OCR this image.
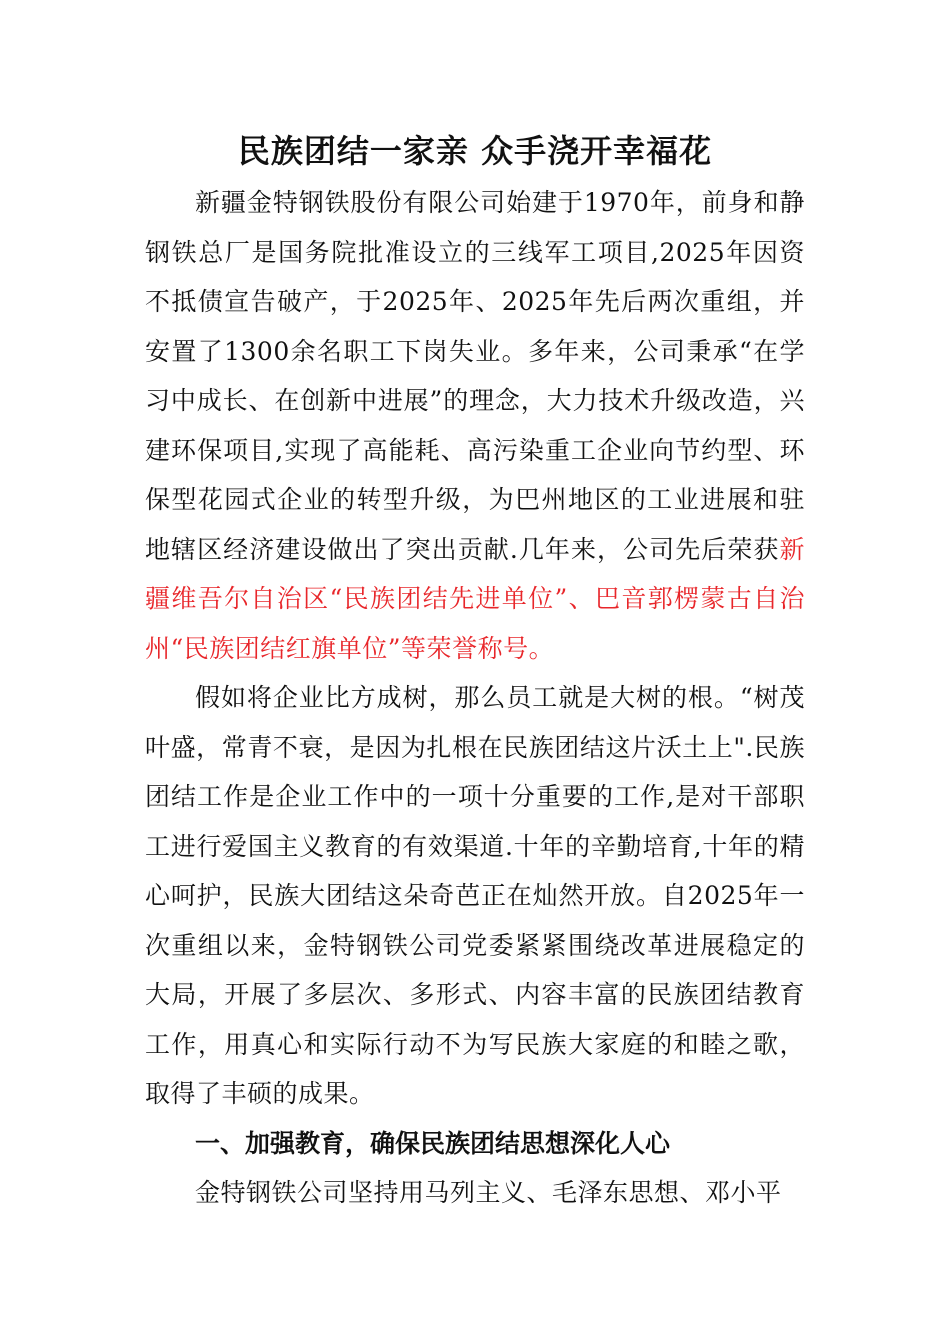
民族团结一家亲 众手浇开幸福花

新疆金特钢铁股份有限公司始建于1970年，前身和静钢铁总厂是国务院批准设立的三线军工项目,2025年因资不抵债宣告破产，于2025年、2025年先后两次重组，并安置了1300余名职工下岗失业。多年来，公司秉承“在学习中成长、在创新中进展”的理念，大力技术升级改造，兴建环保项目,实现了高能耗、高污染重工企业向节约型、环保型花园式企业的转型升级，为巴州地区的工业进展和驻地辖区经济建设做出了突出贡献.几年来，公司先后荣获新疆维吾尔自治区“民族团结先进单位”、巴音郭楞蒙古自治州“民族团结红旗单位”等荣誉称号。

假如将企业比方成树，那么员工就是大树的根。“树茂叶盛，常青不衰，是因为扎根在民族团结这片沃土上".民族团结工作是企业工作中的一项十分重要的工作,是对干部职工进行爱国主义教育的有效渠道.十年的辛勤培育,十年的精心呵护，民族大团结这朵奇芭正在灿然开放。自2025年一次重组以来，金特钢铁公司党委紧紧围绕改革进展稳定的大局，开展了多层次、多形式、内容丰富的民族团结教育工作，用真心和实际行动不为写民族大家庭的和睦之歌，取得了丰硕的成果。

一、加强教育，确保民族团结思想深化人心

金特钢铁公司坚持用马列主义、毛泽东思想、邓小平
